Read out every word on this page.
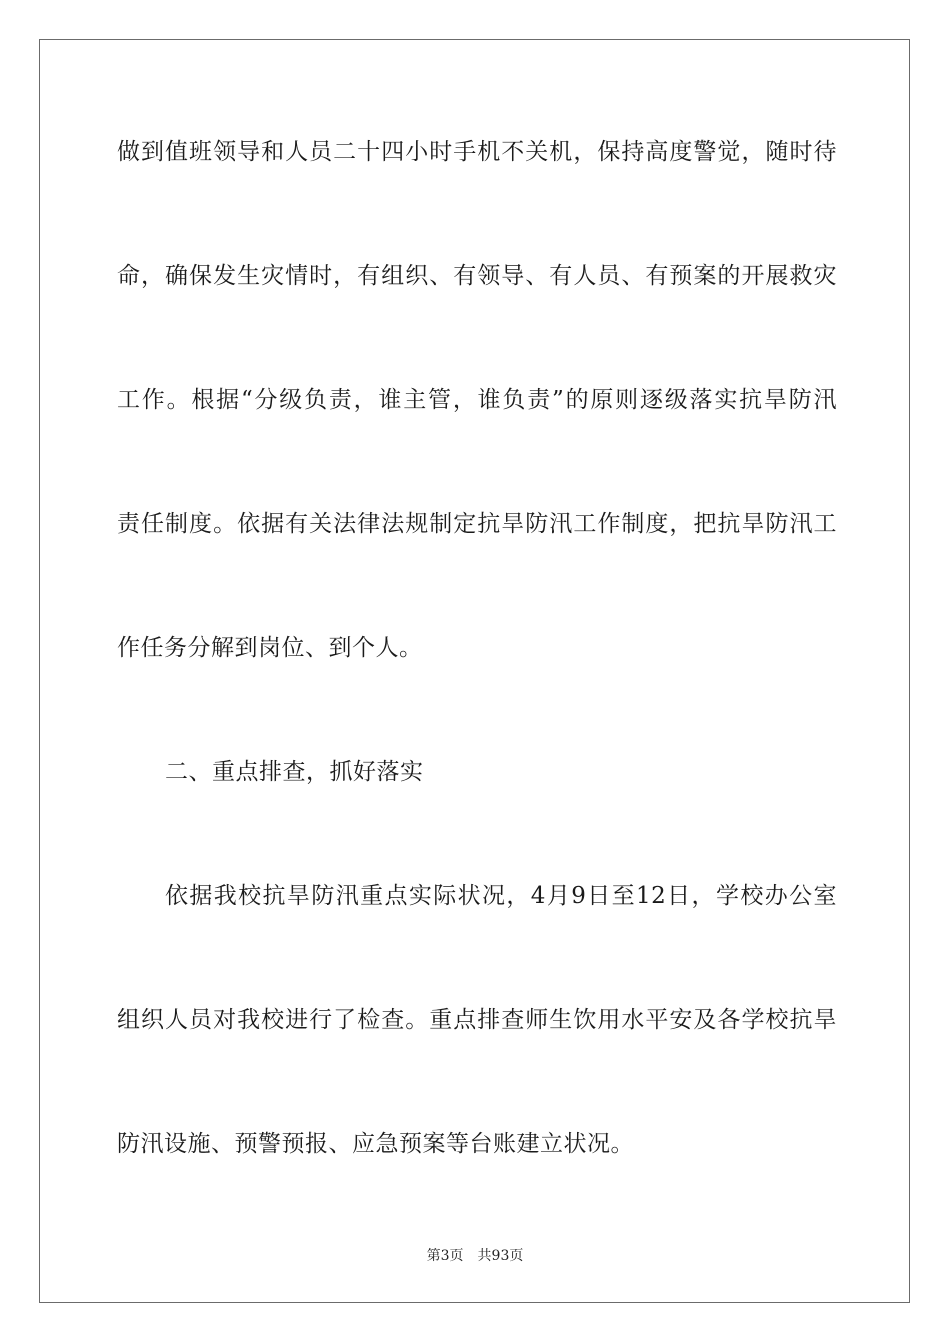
做到值班领导和人员二十四小时手机不关机，保持高度警觉，随时待
命，确保发生灾情时，有组织、有领导、有人员、有预案的开展救灾
工作。根据“分级负责，谁主管，谁负责”的原则逐级落实抗旱防汛
责任制度。依据有关法律法规制定抗旱防汛工作制度，把抗旱防汛工
作任务分解到岗位、到个人。
二、重点排查，抓好落实
依据我校抗旱防汛重点实际状况，4月9日至12日，学校办公室
组织人员对我校进行了检查。重点排查师生饮用水平安及各学校抗旱
防汛设施、预警预报、应急预案等台账建立状况。
第3页 共93页
